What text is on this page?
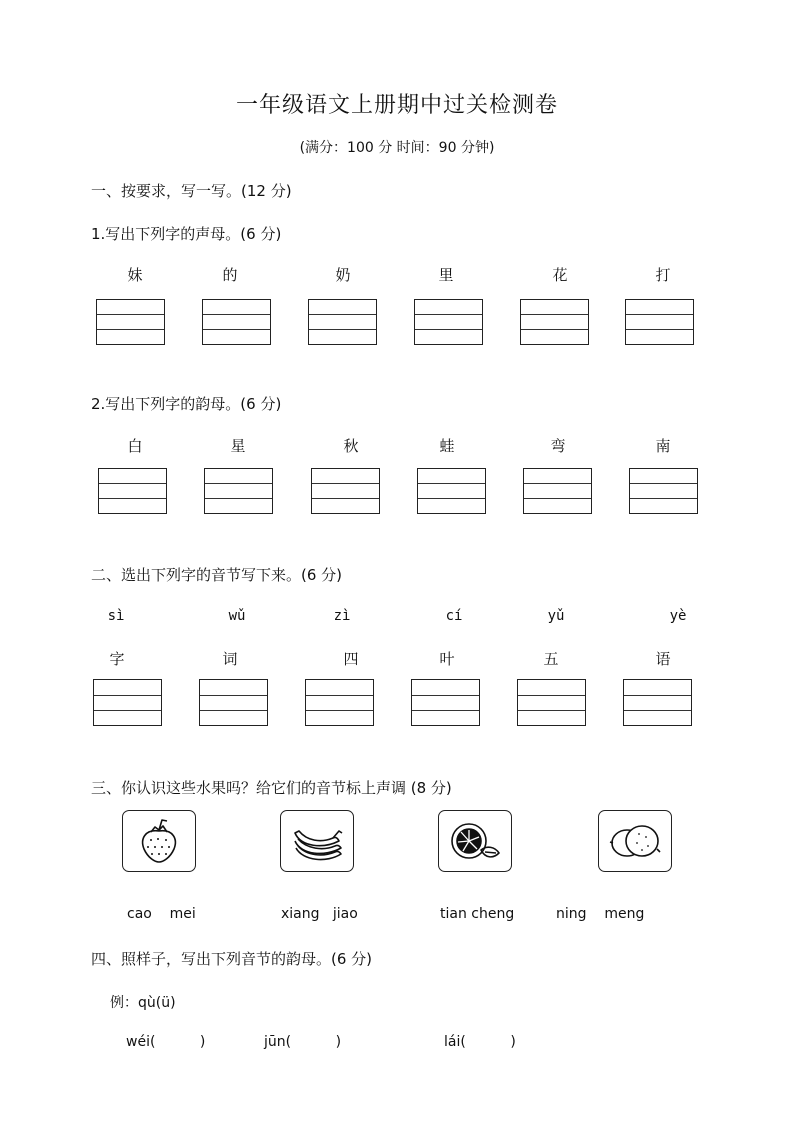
一年级语文上册期中过关检测卷
(满分：100 分 时间：90 分钟)
一、按要求，写一写。(12 分)
1.写出下列字的声母。(6 分)
妹	的	奶	里	花	打
2.写出下列字的韵母。(6 分)
白	星	秋	蛙	弯	南
二、选出下列字的音节写下来。(6 分)
sì	wǔ	zì	cí	yǔ	yè
字	词	四	叶	五	语
三、你认识这些水果吗？给它们的音节标上声调 (8 分)
cao    mei	xiang   jiao	tian cheng	ning    meng
四、照样子，写出下列音节的韵母。(6 分)
例：qù(ü)
wéi(          )	jūn(          )	lái(          )
